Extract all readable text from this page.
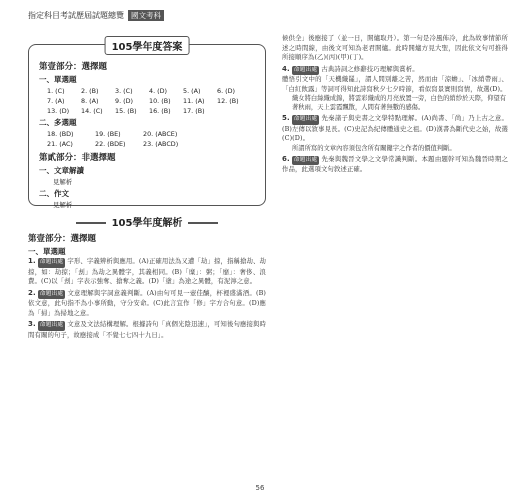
指定科目考試歷屆試題總覽 國文考科
105學年度答案
第壹部分：選擇題
一、單選題
1. (C)	2. (B)	3. (C)	4. (D)	5. (A)	6. (D)
7. (A)	8. (A)	9. (D)	10. (B)	11. (A)	12. (B)
13. (D)	14. (C)	15. (B)	16. (B)	17. (B)
二、多選題
18. (BD)	19. (BE)	20. (ABCE)
21. (AC)	22. (BDE)	23. (ABCD)
第貳部分：非選擇題
一、文章解讀
見解析
二、作文
見解析
105學年度解析
第壹部分：選擇題
一、單選題
1. 命題出處 字形、字義辨析與應用。(A)正確用法為又遭「劫」掠，指稱搶劫、劫掠，如：劫掠；「刦」為劫之異體字，其義相同。(B)「糜」：粥；「靡」：奢侈、浪費。(C)以「刦」字表示強奪、搶奪之義。(D)「塗」為途之異體，有泥濘之意。
2. 命題出處 文意理解與字詞意義判斷。(A)由句可見一壺佳釀，杯裡盛滿酒。(B)依文意，此句指不為小事所動，守分安命。(C)此言宜作「修」字方合句意。(D)應為「掃」為掃地之意。
3. 命題出處 文意及文法結構理解。根據詩句「真個光陰迅速」，可知後句應接與時間有關的句子，故應接成「不覺七七四十九日」。
候供全」後應接了（並一日，開爐取丹）。第一句是冷風佈冷，此為故事情節所述之時間線，由後文可知為老君開爐。此時開爐方見大聖，因此依文句可推得所接順序為(乙)(丙)(甲)(丁)。
4. 命題出處 古典詩詞之修辭技巧理解與賞析。
體悟引文中的「天機織罷」，謂人間別離之苦，然而由「涼蟾」、「冰綃帶雨」、「白紅飲露」等詞可得知此詩寫秋夕七夕時節，看似寫景實則寫情，故選(D)。
織女將白絲織成錦，將雲彩織成的月亮放置一旁，白色的綃紗於天際，仰望有著秋雨，天上雲霞飄散，人間有著無數的感傷。
5. 命題出處 先秦諸子與史書之文學特點理解。(A)尚書、「尚」乃上古之意。(B)左傳以敘事見長。(C)史記為紀傳體通史之祖。(D)漢書為斷代史之始，故選(C)(D)。
所謂所寫的文章內容須包含所有關鍵字之作者的價值判斷。
6. 命題出處 先秦與魏晉文學之文學常識判斷。本題由題幹可知為魏晉時期之作品，此選項文句敘述正確。
56
